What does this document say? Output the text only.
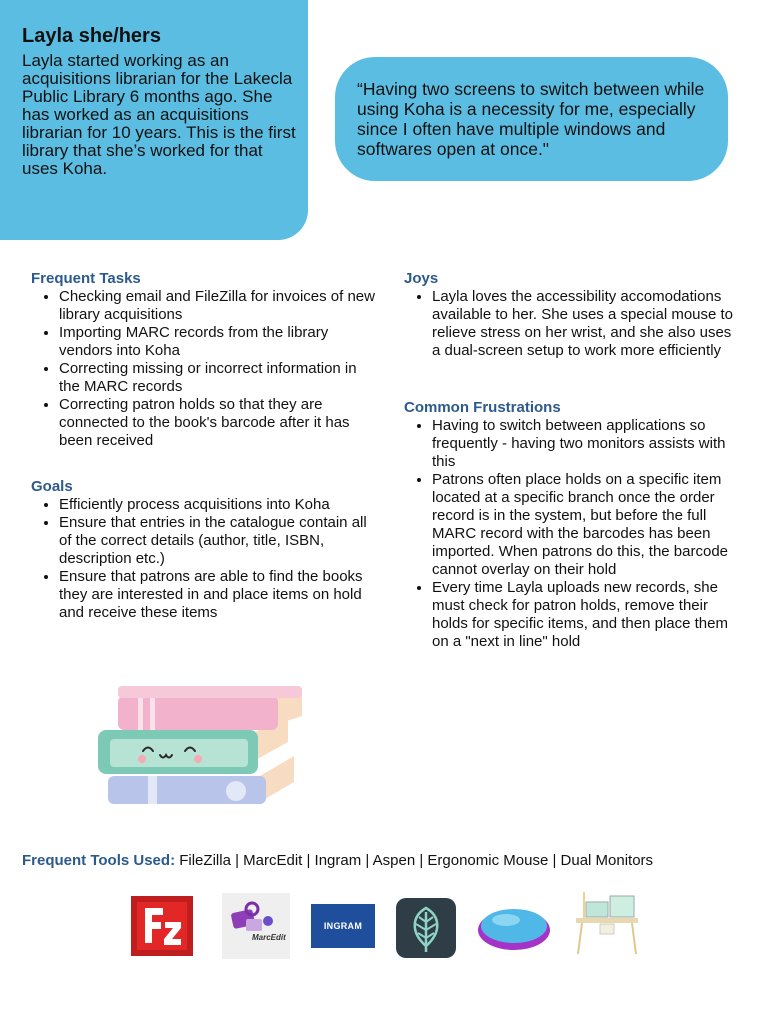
Layla she/hers

Layla started working as an acquisitions librarian for the Lakecla Public Library 6 months ago. She has worked as an acquisitions librarian for 10 years. This is the first library that she’s worked for that uses Koha.

“Having two screens to switch between while using Koha is a necessity for me, especially since I often have multiple windows and softwares open at once."

Frequent Tasks
• Checking email and FileZilla for invoices of new library acquisitions
• Importing MARC records from the library vendors into Koha
• Correcting missing or incorrect information in the MARC records
• Correcting patron holds so that they are connected to the book's barcode after it has been received
Goals
• Efficiently process acquisitions into Koha
• Ensure that entries in the catalogue contain all of the correct details (author, title, ISBN, description etc.)
• Ensure that patrons are able to find the books they are interested in and place items on hold and receive these items
Joys
• Layla loves the accessibility accomodations available to her. She uses a special mouse to relieve stress on her wrist, and she also uses a dual-screen setup to work more efficiently
Common Frustrations
• Having to switch between applications so frequently - having two monitors assists with this
• Patrons often place holds on a specific item located at a specific branch once the order record is in the system, but before the full MARC record with the barcodes has been imported. When patrons do this, the barcode cannot overlay on their hold
• Every time Layla uploads new records, she must check for patron holds, remove their holds for specific items, and then place them on a "next in line" hold

Frequent Tools Used: FileZilla | MarcEdit | Ingram | Aspen | Ergonomic Mouse | Dual Monitors

MarcEdit
INGRAM
